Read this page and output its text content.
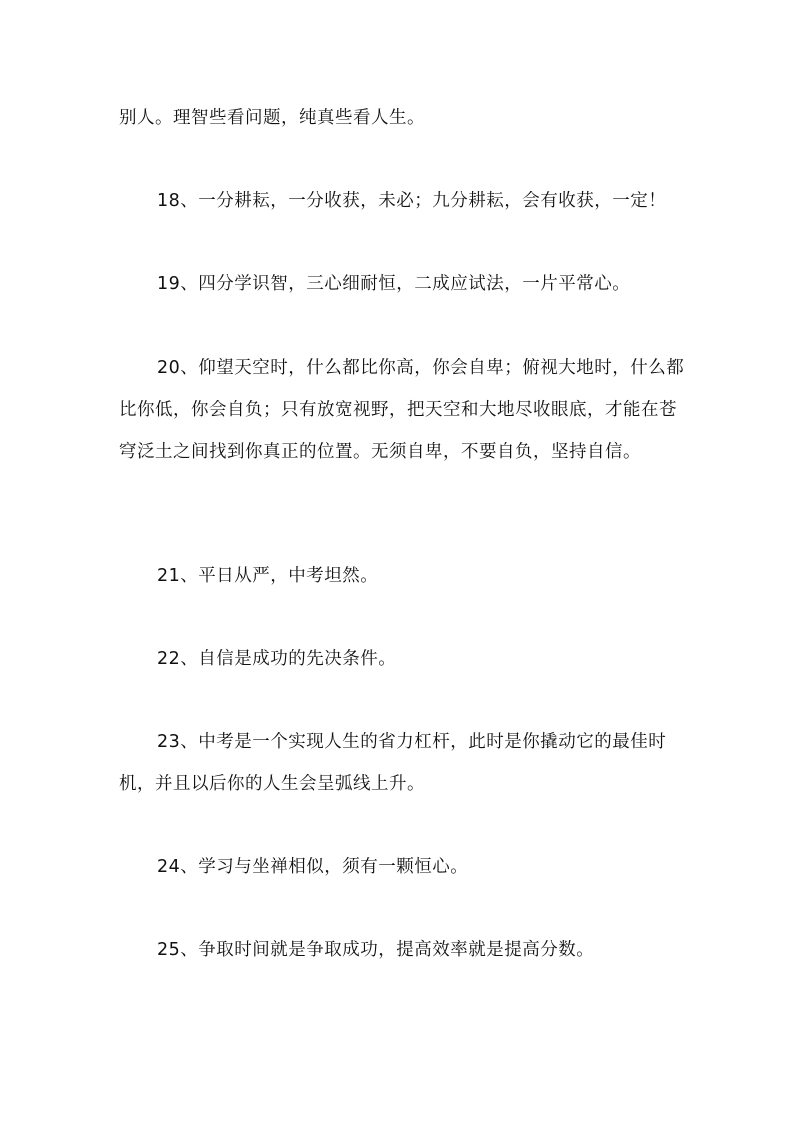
别人。理智些看问题，纯真些看人生。

18、一分耕耘，一分收获，未必；九分耕耘，会有收获，一定！

19、四分学识智，三心细耐恒，二成应试法，一片平常心。

20、仰望天空时，什么都比你高，你会自卑；俯视大地时，什么都比你低，你会自负；只有放宽视野，把天空和大地尽收眼底，才能在苍穹泛土之间找到你真正的位置。无须自卑，不要自负，坚持自信。

21、平日从严，中考坦然。

22、自信是成功的先决条件。

23、中考是一个实现人生的省力杠杆，此时是你撬动它的最佳时机，并且以后你的人生会呈弧线上升。

24、学习与坐禅相似，须有一颗恒心。

25、争取时间就是争取成功，提高效率就是提高分数。
